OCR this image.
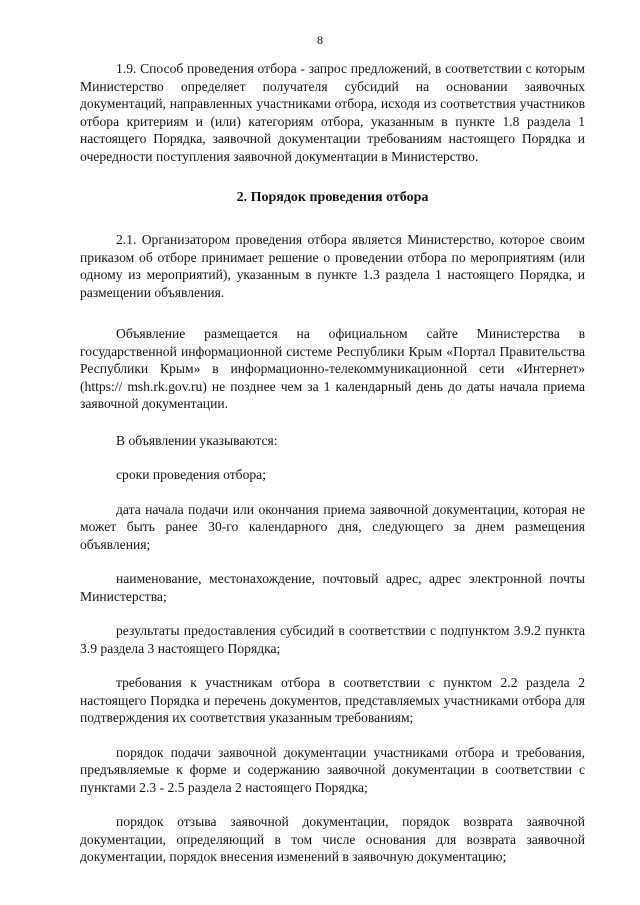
8

1.9. Способ проведения отбора - запрос предложений, в соответствии с которым Министерство определяет получателя субсидий на основании заявочных документаций, направленных участниками отбора, исходя из соответствия участников отбора критериям и (или) категориям отбора, указанным в пункте 1.8 раздела 1 настоящего Порядка, заявочной документации требованиям настоящего Порядка и очередности поступления заявочной документации в Министерство.

2. Порядок проведения отбора

2.1. Организатором проведения отбора является Министерство, которое своим приказом об отборе принимает решение о проведении отбора по мероприятиям (или одному из мероприятий), указанным в пункте 1.3 раздела 1 настоящего Порядка, и размещении объявления.

Объявление размещается на официальном сайте Министерства в государственной информационной системе Республики Крым «Портал Правительства Республики Крым» в информационно-телекоммуникационной сети «Интернет» (https:// msh.rk.gov.ru) не позднее чем за 1 календарный день до даты начала приема заявочной документации.

В объявлении указываются:

сроки проведения отбора;

дата начала подачи или окончания приема заявочной документации, которая не может быть ранее 30-го календарного дня, следующего за днем размещения объявления;

наименование, местонахождение, почтовый адрес, адрес электронной почты Министерства;

результаты предоставления субсидий в соответствии с подпунктом 3.9.2 пункта 3.9 раздела 3 настоящего Порядка;

требования к участникам отбора в соответствии с пунктом 2.2 раздела 2 настоящего Порядка и перечень документов, представляемых участниками отбора для подтверждения их соответствия указанным требованиям;

порядок подачи заявочной документации участниками отбора и требования, предъявляемые к форме и содержанию заявочной документации в соответствии с пунктами 2.3 - 2.5 раздела 2 настоящего Порядка;

порядок отзыва заявочной документации, порядок возврата заявочной документации, определяющий в том числе основания для возврата заявочной документации, порядок внесения изменений в заявочную документацию;
